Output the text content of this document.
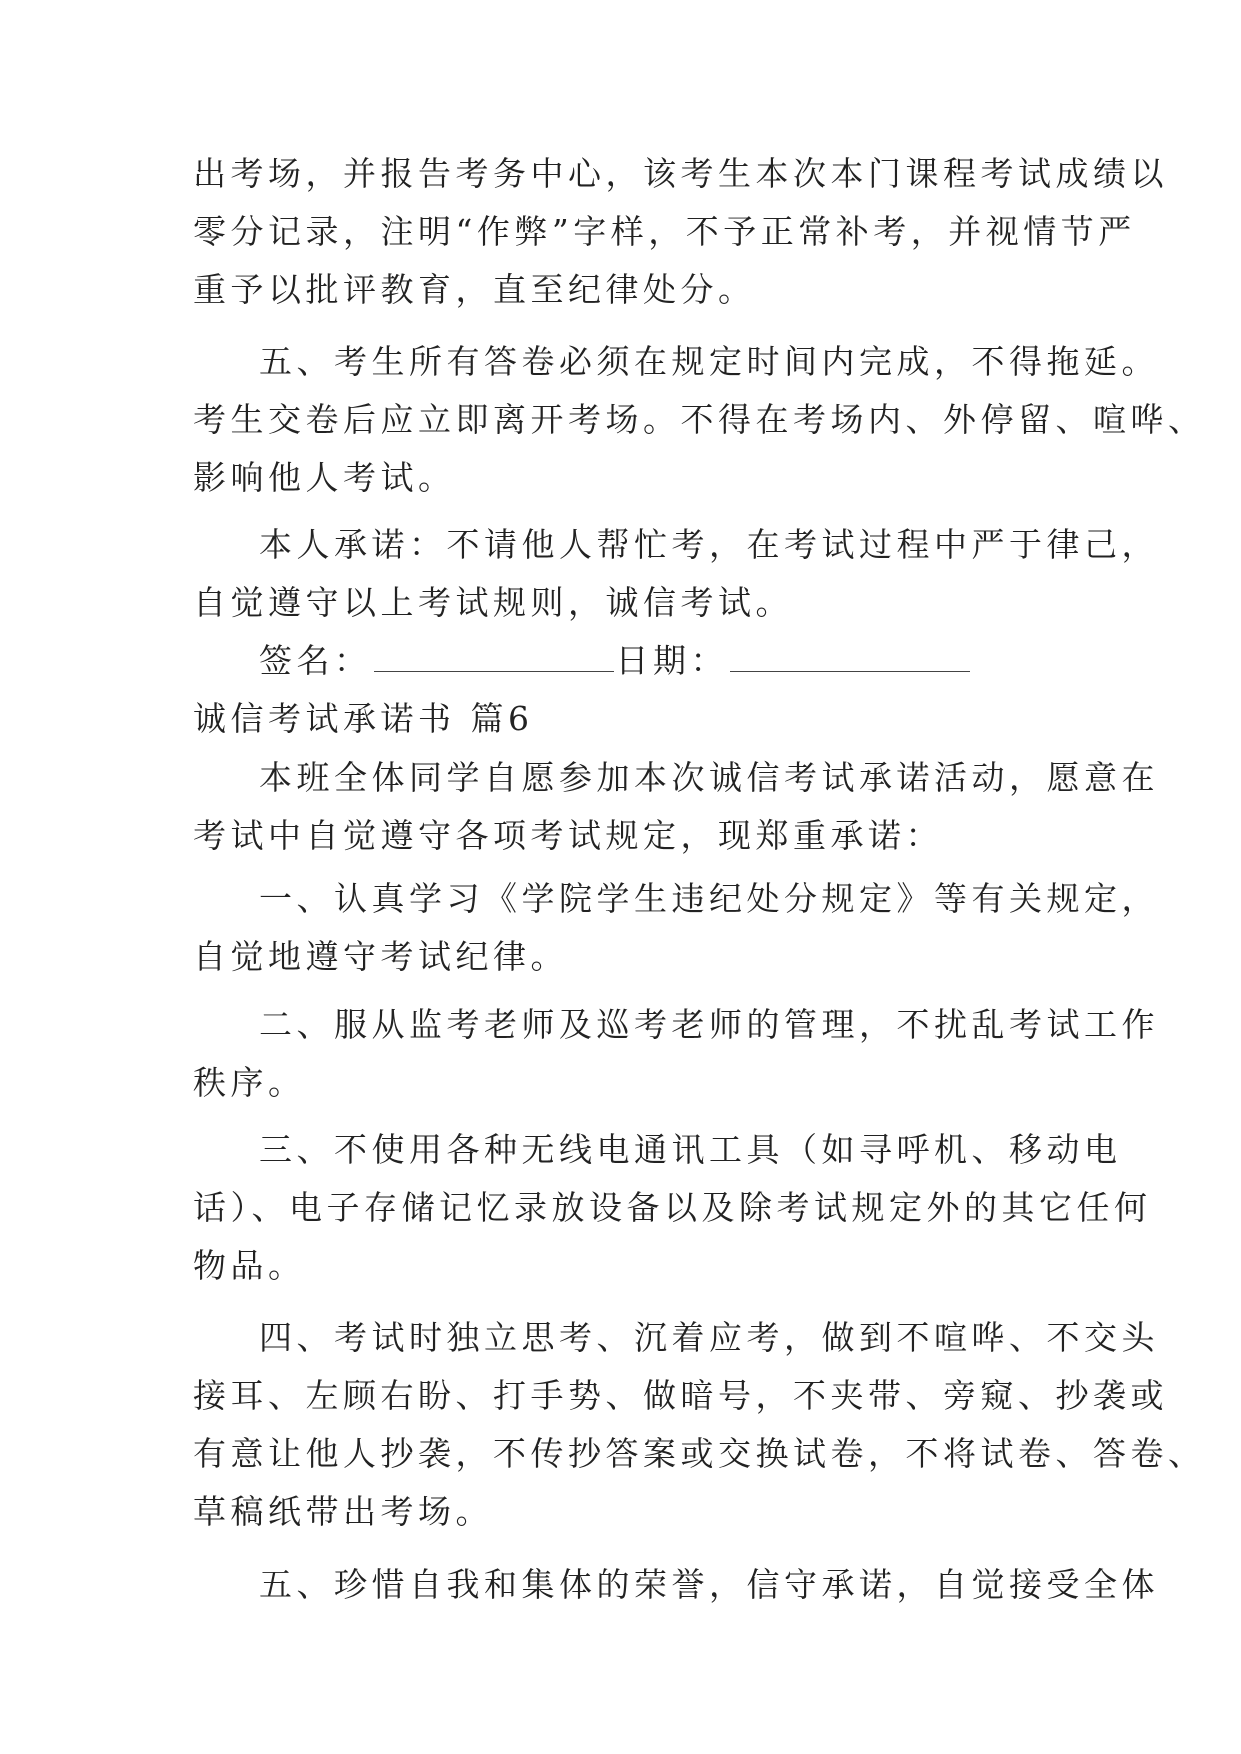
出考场，并报告考务中心，该考生本次本门课程考试成绩以
零分记录，注明“作弊”字样，不予正常补考，并视情节严
重予以批评教育，直至纪律处分。
五、考生所有答卷必须在规定时间内完成，不得拖延。
考生交卷后应立即离开考场。不得在考场内、外停留、喧哗、
影响他人考试。
本人承诺：不请他人帮忙考，在考试过程中严于律己，
自觉遵守以上考试规则，诚信考试。
签名：	日期：
诚信考试承诺书 篇6
本班全体同学自愿参加本次诚信考试承诺活动，愿意在
考试中自觉遵守各项考试规定，现郑重承诺：
一、认真学习《学院学生违纪处分规定》等有关规定，
自觉地遵守考试纪律。
二、服从监考老师及巡考老师的管理，不扰乱考试工作
秩序。
三、不使用各种无线电通讯工具（如寻呼机、移动电
话）、电子存储记忆录放设备以及除考试规定外的其它任何
物品。
四、考试时独立思考、沉着应考，做到不喧哗、不交头
接耳、左顾右盼、打手势、做暗号，不夹带、旁窥、抄袭或
有意让他人抄袭，不传抄答案或交换试卷，不将试卷、答卷、
草稿纸带出考场。
五、珍惜自我和集体的荣誉，信守承诺，自觉接受全体
